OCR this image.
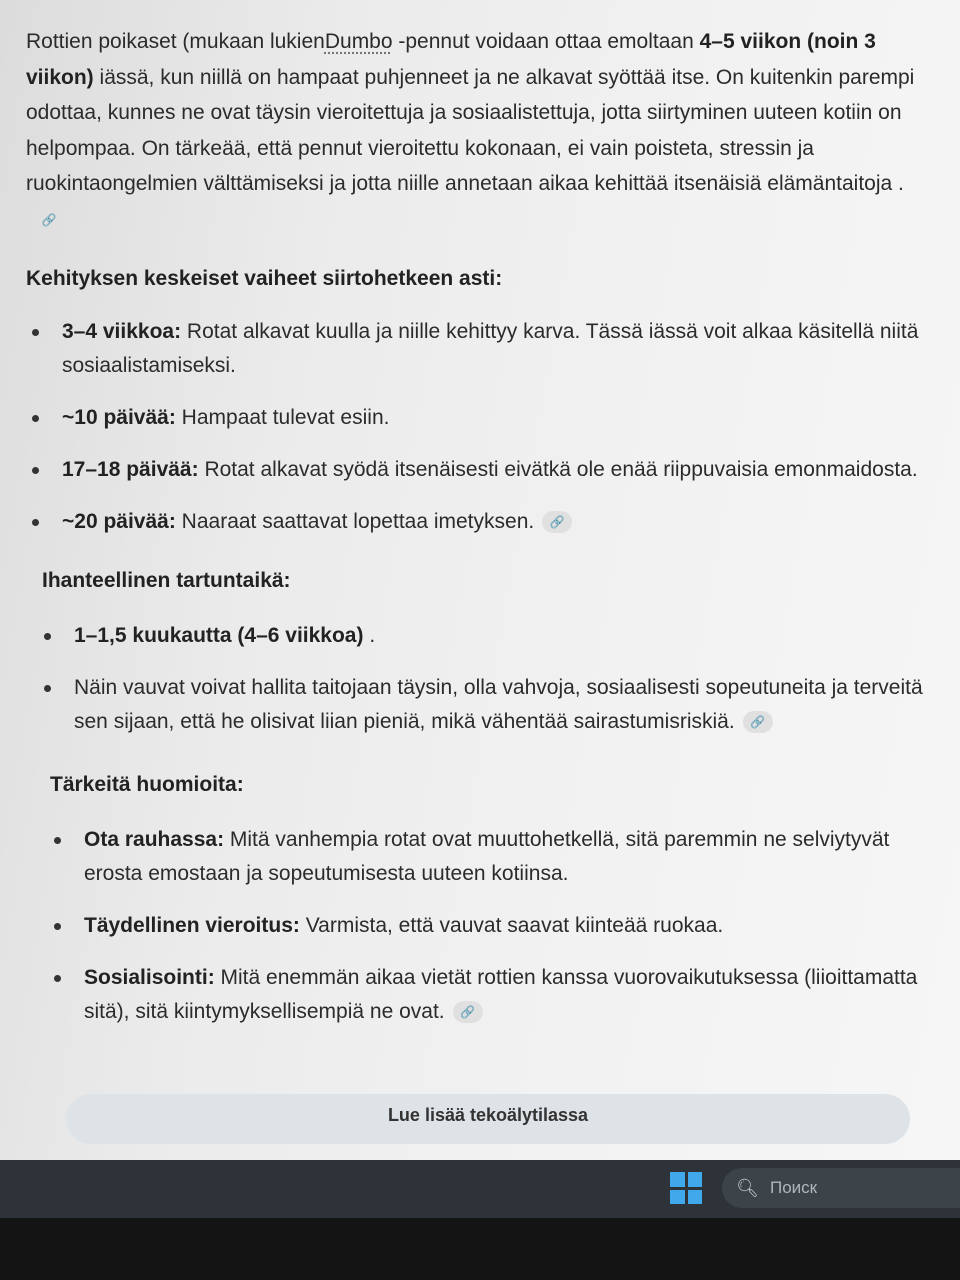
Rottien poikaset (mukaan lukienDumbo -pennut voidaan ottaa emoltaan 4–5 viikon (noin 3 viikon) iässä, kun niillä on hampaat puhjenneet ja ne alkavat syöttää itse. On kuitenkin parempi odottaa, kunnes ne ovat täysin vieroitettuja ja sosiaalistettuja, jotta siirtyminen uuteen kotiin on helpompaa. On tärkeää, että pennut vieroitettu kokonaan, ei vain poisteta, stressin ja ruokintaongelmien välttämiseksi ja jotta niille annetaan aikaa kehittää itsenäisiä elämäntaitoja .🔗

Kehityksen keskeiset vaiheet siirtohetkeen asti:
3–4 viikkoa: Rotat alkavat kuulla ja niille kehittyy karva. Tässä iässä voit alkaa käsitellä niitä sosiaalistamiseksi.
~10 päivää: Hampaat tulevat esiin.
17–18 päivää: Rotat alkavat syödä itsenäisesti eivätkä ole enää riippuvaisia emonmaidosta.
~20 päivää: Naaraat saattavat lopettaa imetyksen. 🔗
Ihanteellinen tartuntaikä:
1–1,5 kuukautta (4–6 viikkoa) .
Näin vauvat voivat hallita taitojaan täysin, olla vahvoja, sosiaalisesti sopeutuneita ja terveitä sen sijaan, että he olisivat liian pieniä, mikä vähentää sairastumisriskiä. 🔗
Tärkeitä huomioita:
Ota rauhassa: Mitä vanhempia rotat ovat muuttohetkellä, sitä paremmin ne selviytyvät erosta emostaan ja sopeutumisesta uuteen kotiinsa.
Täydellinen vieroitus: Varmista, että vauvat saavat kiinteää ruokaa.
Sosialisointi: Mitä enemmän aikaa vietät rottien kanssa vuorovaikutuksessa (liioittamatta sitä), sitä kiintymyksellisempiä ne ovat. 🔗
Lue lisää tekoälytilassa
🔍︎ Поиск
